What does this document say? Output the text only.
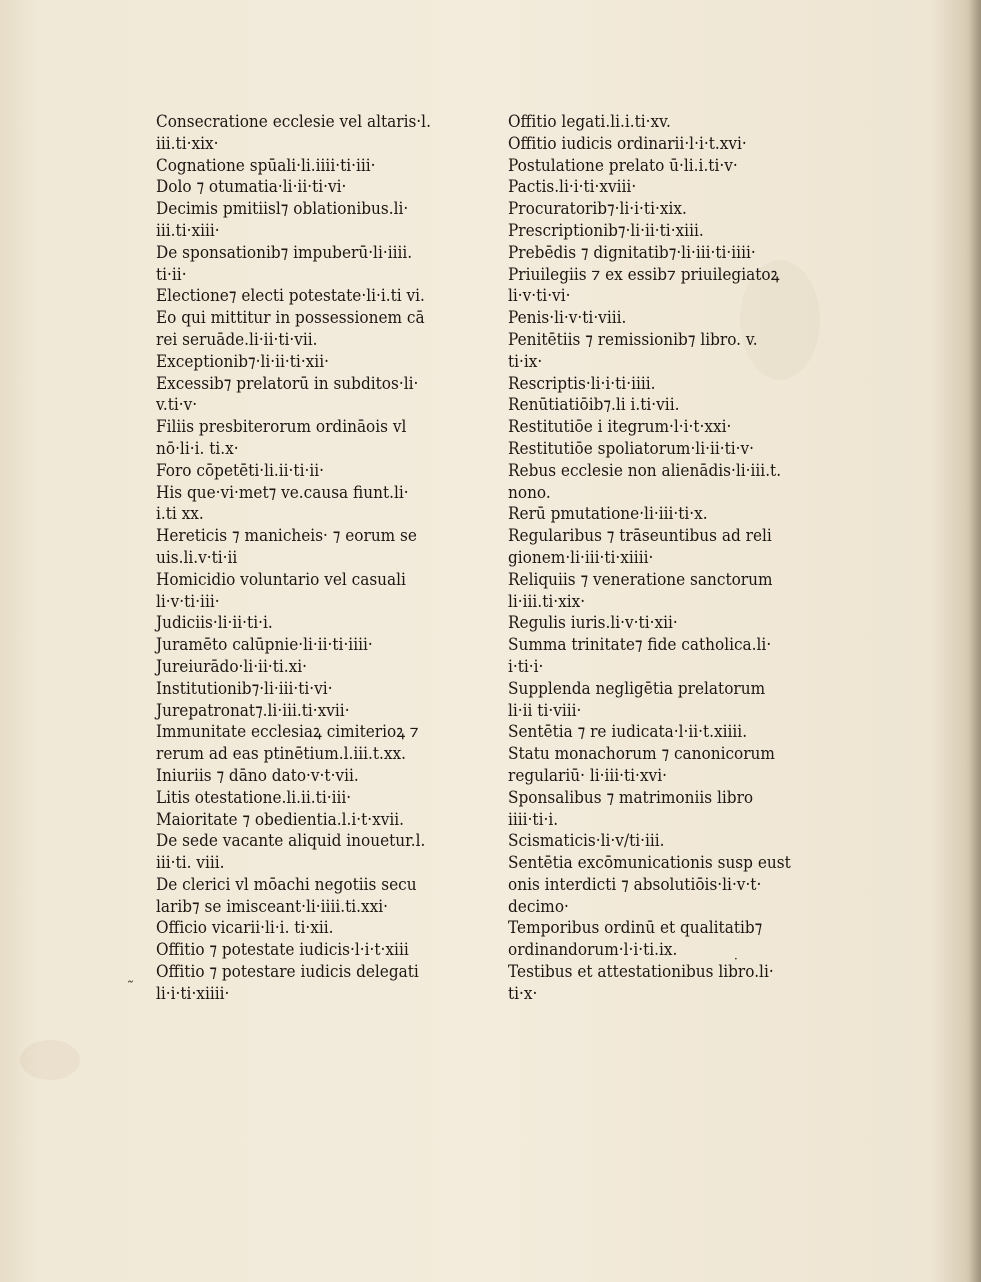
Consecratione ecclesie vel altaris·l.
iii.ti·xix·
Cognatione spūali·li.iiii·ti·iii·
Dolo ⁊ otumatia·li·ii·ti·vi·
Decimis pmitiisl⁊ oblationibus.li·
iii.ti·xiii·
De sponsationib⁊ impuberū·li·iiii.
ti·ii·
Electione⁊ electi potestate·li·i.ti vi.
Eo qui mittitur in possessionem cā
rei seruāde.li·ii·ti·vii.
Exceptionib⁊·li·ii·ti·xii·
Excessib⁊ prelatorū in subditos·li·
v.ti·v·
Filiis presbiterorum ordināois vl
nō·li·i. ti.x·
Foro cōpetēti·li.ii·ti·ii·
His que·vi·met⁊ ve.causa fiunt.li·
i.ti xx.
Hereticis ⁊ manicheis· ⁊ eorum se
uis.li.v·ti·ii
Homicidio voluntario vel casuali
li·v·ti·iii·
Judiciis·li·ii·ti·i.
Juramēto calūpnie·li·ii·ti·iiii·
Jureiurādo·li·ii·ti.xi·
Institutionib⁊·li·iii·ti·vi·
Jurepatronat⁊.li·iii.ti·xvii·
Immunitate ecclesiaꝝ cimiterioꝝ ⁊
rerum ad eas ptinētium.l.iii.t.xx.
Iniuriis ⁊ dāno dato·v·t·vii.
Litis otestatione.li.ii.ti·iii·
Maioritate ⁊ obedientia.l.i·t·xvii.
De sede vacante aliquid inouetur.l.
iii·ti. viii.
De clerici vl mōachi negotiis secu
larib⁊ se imisceant·li·iiii.ti.xxi·
Officio vicarii·li·i. ti·xii.
Offitio ⁊ potestate iudicis·l·i·t·xiii
Offitio ⁊ potestare iudicis delegati
li·i·ti·xiiii·
Offitio legati.li.i.ti·xv.
Offitio iudicis ordinarii·l·i·t.xvi·
Postulatione prelato ū·li.i.ti·v·
Pactis.li·i·ti·xviii·
Procuratorib⁊·li·i·ti·xix.
Prescriptionib⁊·li·ii·ti·xiii.
Prebēdis ⁊ dignitatib⁊·li·iii·ti·iiii·
Priuilegiis ⁊ ex essib⁊ priuilegiatoꝝ
li·v·ti·vi·
Penis·li·v·ti·viii.
Penitētiis ⁊ remissionib⁊ libro. v.
ti·ix·
Rescriptis·li·i·ti·iiii.
Renūtiatiōib⁊.li i.ti·vii.
Restitutiōe i itegrum·l·i·t·xxi·
Restitutiōe spoliatorum·li·ii·ti·v·
Rebus ecclesie non alienādis·li·iii.t.
nono.
Rerū pmutatione·li·iii·ti·x.
Regularibus ⁊ trāseuntibus ad reli
gionem·li·iii·ti·xiiii·
Reliquiis ⁊ veneratione sanctorum
li·iii.ti·xix·
Regulis iuris.li·v·ti·xii·
Summa trinitate⁊ fide catholica.li·
i·ti·i·
Supplenda negligētia prelatorum
li·ii ti·viii·
Sentētia ⁊ re iudicata·l·ii·t.xiiii.
Statu monachorum ⁊ canonicorum
regulariū· li·iii·ti·xvi·
Sponsalibus ⁊ matrimoniis libro
iiii·ti·i.
Scismaticis·li·v/ti·iii.
Sentētia excōmunicationis susp eust
onis interdicti ⁊ absolutiōis·li·v·t·
decimo·
Temporibus ordinū et qualitatib⁊
ordinandorum·l·i·ti.ix.
Testibus et attestationibus libro.li·
ti·x·
˷
·
